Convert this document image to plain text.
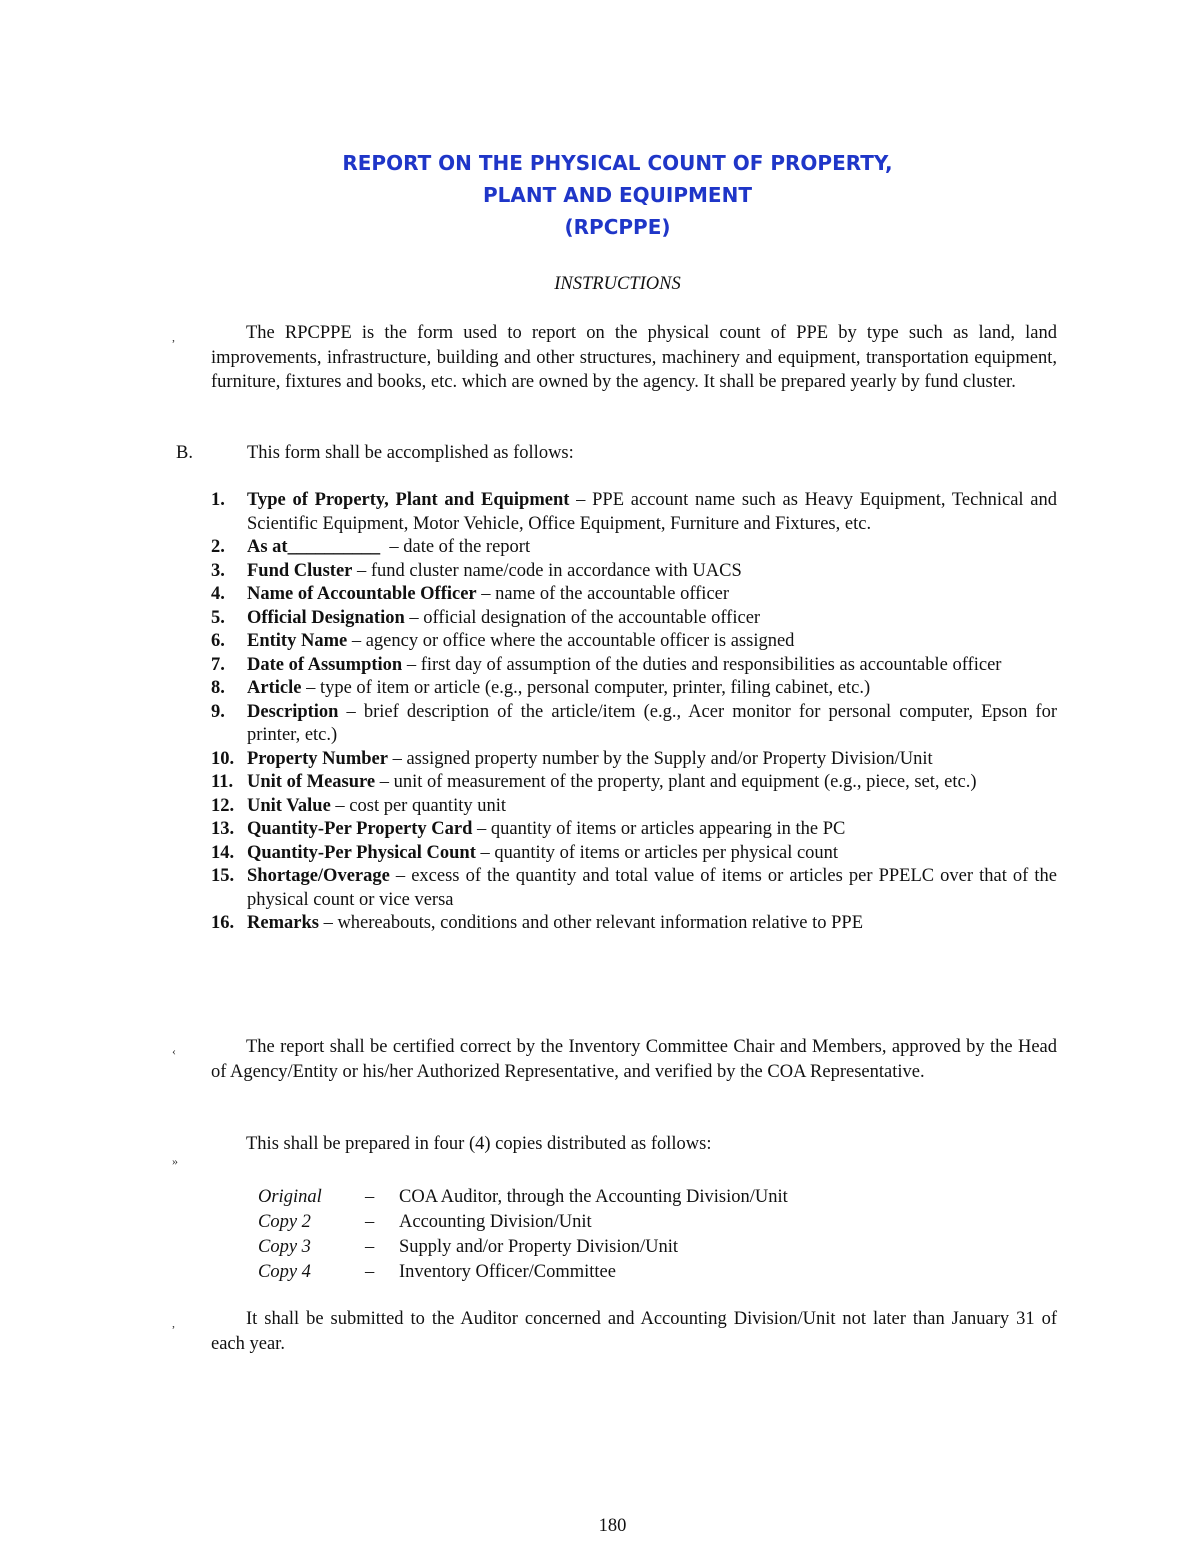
REPORT ON THE PHYSICAL COUNT OF PROPERTY,
PLANT AND EQUIPMENT
(RPCPPE)
INSTRUCTIONS
,	The RPCPPE is the form used to report on the physical count of PPE by type such as land, land improvements, infrastructure, building and other structures, machinery and equipment, transportation equipment, furniture, fixtures and books, etc. which are owned by the agency. It shall be prepared yearly by fund cluster.
B.	This form shall be accomplished as follows:
1. Type of Property, Plant and Equipment – PPE account name such as Heavy Equipment, Technical and Scientific Equipment, Motor Vehicle, Office Equipment, Furniture and Fixtures, etc.
2. As at__________  – date of the report
3. Fund Cluster – fund cluster name/code in accordance with UACS
4. Name of Accountable Officer – name of the accountable officer
5. Official Designation – official designation of the accountable officer
6. Entity Name – agency or office where the accountable officer is assigned
7. Date of Assumption – first day of assumption of the duties and responsibilities as accountable officer
8. Article – type of item or article (e.g., personal computer, printer, filing cabinet, etc.)
9. Description – brief description of the article/item (e.g., Acer monitor for personal computer, Epson for printer, etc.)
10. Property Number – assigned property number by the Supply and/or Property Division/Unit
11. Unit of Measure – unit of measurement of the property, plant and equipment (e.g., piece, set, etc.)
12. Unit Value – cost per quantity unit
13. Quantity-Per Property Card – quantity of items or articles appearing in the PC
14. Quantity-Per Physical Count – quantity of items or articles per physical count
15. Shortage/Overage – excess of the quantity and total value of items or articles per PPELC over that of the physical count or vice versa
16. Remarks – whereabouts, conditions and other relevant information relative to PPE
‹	The report shall be certified correct by the Inventory Committee Chair and Members, approved by the Head of Agency/Entity or his/her Authorized Representative, and verified by the COA Representative.
»
This shall be prepared in four (4) copies distributed as follows:
Original – COA Auditor, through the Accounting Division/Unit
Copy 2	– Accounting Division/Unit
Copy 3	– Supply and/or Property Division/Unit
Copy 4	– Inventory Officer/Committee
,	It shall be submitted to the Auditor concerned and Accounting Division/Unit not later than January 31 of each year.
180
